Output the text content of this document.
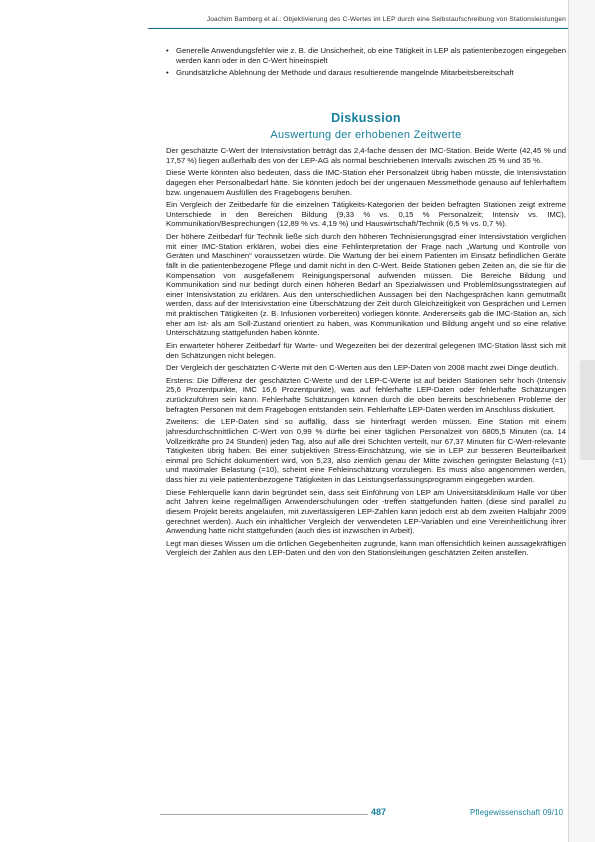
Joachim Bamberg et al.: Objektivierung des C-Wertes im LEP durch eine Selbstaufschreibung von Stationsleistungen
• Generelle Anwendungsfehler wie z. B. die Unsicherheit, ob eine Tätigkeit in LEP als patientenbezogen eingegeben werden kann oder in den C-Wert hineinspielt
• Grundsätzliche Ablehnung der Methode und daraus resultierende mangelnde Mitarbeitsbereitschaft
Diskussion
Auswertung der erhobenen Zeitwerte

Der geschätzte C-Wert der Intensivstation beträgt das 2,4-fache dessen der IMC-Station. Beide Werte (42,45 % und 17,57 %) liegen außerhalb des von der LEP-AG als normal beschriebenen Intervalls zwischen 25 % und 35 %.

Diese Werte könnten also bedeuten, dass die IMC-Station eher Personalzeit übrig haben müsste, die Intensivstation dagegen eher Personalbedarf hätte. Sie könnten jedoch bei der ungenauen Messmethode genauso auf fehlerhaftem bzw. ungenauem Ausfüllen des Fragebogens beruhen.

Ein Vergleich der Zeitbedarfe für die einzelnen Tätigkeits-Kategorien der beiden befragten Stationen zeigt extreme Unterschiede in den Bereichen Bildung (9,33 % vs. 0,15 % Personalzeit; Intensiv vs. IMC), Kommunikation/Besprechungen (12,89 % vs. 4,19 %) und Hauswirtschaft/Technik (6,5 % vs. 0,7 %).

Der höhere Zeitbedarf für Technik ließe sich durch den höheren Technisierungsgrad einer Intensivstation verglichen mit einer IMC-Station erklären, wobei dies eine Fehlinterpretation der Frage nach „Wartung und Kontrolle von Geräten und Maschinen“ voraussetzen würde. Die Wartung der bei einem Patienten im Einsatz befindlichen Geräte fällt in die patientenbezogene Pflege und damit nicht in den C-Wert. Beide Stationen geben Zeiten an, die sie für die Kompensation von ausgefallenem Reinigungspersonal aufwenden müssen. Die Bereiche Bildung und Kommunikation sind nur bedingt durch einen höheren Bedarf an Spezialwissen und Problemlösungsstrategien auf einer Intensivstation zu erklären. Aus den unterschiedlichen Aussagen bei den Nachgesprächen kann gemutmaßt werden, dass auf der Intensivstation eine Überschätzung der Zeit durch Gleichzeitigkeit von Gesprächen und Lernen mit praktischen Tätigkeiten (z. B. Infusionen vorbereiten) vorliegen könnte. Andererseits gab die IMC-Station an, sich eher am Ist- als am Soll-Zustand orientiert zu haben, was Kommunikation und Bildung angeht und so eine relative Unterschätzung stattgefunden haben könnte.

Ein erwarteter höherer Zeitbedarf für Warte- und Wegezeiten bei der dezentral gelegenen IMC-Station lässt sich mit den Schätzungen nicht belegen.

Der Vergleich der geschätzten C-Werte mit den C-Werten aus den LEP-Daten von 2008 macht zwei Dinge deutlich.

Erstens: Die Differenz der geschätzten C-Werte und der LEP-C-Werte ist auf beiden Stationen sehr hoch (Intensiv 25,6 Prozentpunkte, IMC 16,6 Prozentpunkte), was auf fehlerhafte LEP-Daten oder fehlerhafte Schätzungen zurückzuführen sein kann. Fehlerhafte Schätzungen können durch die oben bereits beschriebenen Probleme der befragten Personen mit dem Fragebogen entstanden sein. Fehlerhafte LEP-Daten werden im Anschluss diskutiert.

Zweitens: die LEP-Daten sind so auffällig, dass sie hinterfragt werden müssen. Eine Station mit einem jahresdurchschnittlichen C-Wert von 0,99 % dürfte bei einer täglichen Personalzeit von 6805,5 Minuten (ca. 14 Vollzeitkräfte pro 24 Stunden) jeden Tag, also auf alle drei Schichten verteilt, nur 67,37 Minuten für C-Wert-relevante Tätigkeiten übrig haben. Bei einer subjektiven Stress-Einschätzung, wie sie in LEP zur besseren Beurteilbarkeit einmal pro Schicht dokumentiert wird, von 5,23, also ziemlich genau der Mitte zwischen geringster Belastung (=1) und maximaler Belastung (=10), scheint eine Fehleinschätzung vorzuliegen. Es muss also angenommen werden, dass hier zu viele patientenbezogene Tätigkeiten in das Leistungserfassungsprogramm eingegeben wurden.

Diese Fehlerquelle kann darin begründet sein, dass seit Einführung von LEP am Universitätsklinikum Halle vor über acht Jahren keine regelmäßigen Anwenderschulungen oder -treffen stattgefunden hatten (diese sind parallel zu diesem Projekt bereits angelaufen, mit zuverlässigeren LEP-Zahlen kann jedoch erst ab dem zweiten Halbjahr 2009 gerechnet werden). Auch ein inhaltlicher Vergleich der verwendeten LEP-Variablen und eine Vereinheitlichung ihrer Anwendung hatte nicht stattgefunden (auch dies ist inzwischen in Arbeit).

Legt man dieses Wissen um die örtlichen Gegebenheiten zugrunde, kann man offensichtlich keinen aussagekräftigen Vergleich der Zahlen aus den LEP-Daten und den von den Stationsleitungen geschätzten Zeiten anstellen.

487	Pflegewissenschaft 09/10
